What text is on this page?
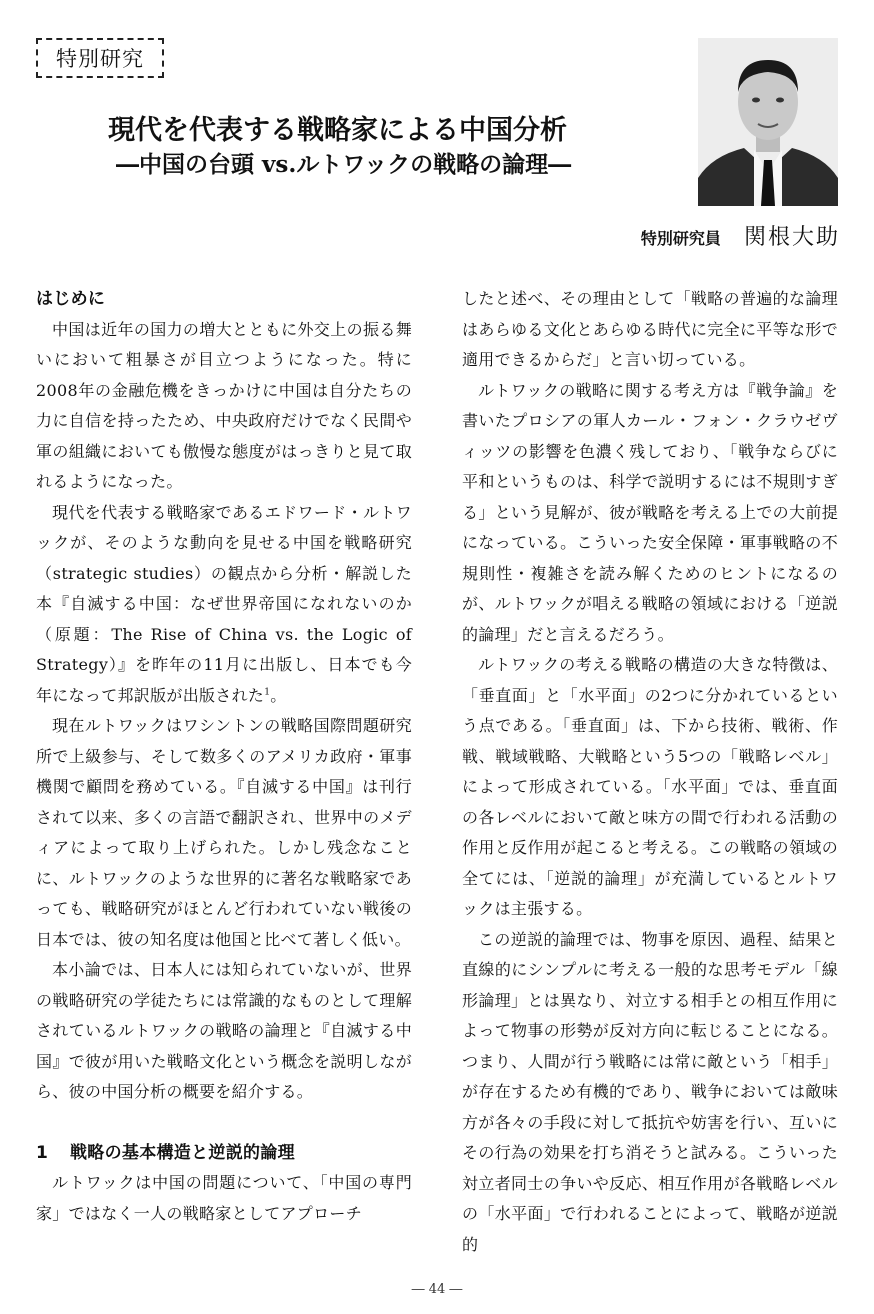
特別研究
現代を代表する戦略家による中国分析
―中国の台頭 vs.ルトワックの戦略の論理―
特別研究員 関根大助
はじめに

中国は近年の国力の増大とともに外交上の振る舞いにおいて粗暴さが目立つようになった。特に2008年の金融危機をきっかけに中国は自分たちの力に自信を持ったため、中央政府だけでなく民間や軍の組織においても傲慢な態度がはっきりと見て取れるようになった。

現代を代表する戦略家であるエドワード・ルトワックが、そのような動向を見せる中国を戦略研究（strategic studies）の観点から分析・解説した本『自滅する中国：なぜ世界帝国になれないのか（原題：The Rise of China vs. the Logic of Strategy）』を昨年の11月に出版し、日本でも今年になって邦訳版が出版された$^1$。

現在ルトワックはワシントンの戦略国際問題研究所で上級参与、そして数多くのアメリカ政府・軍事機関で顧問を務めている。『自滅する中国』は刊行されて以来、多くの言語で翻訳され、世界中のメディアによって取り上げられた。しかし残念なことに、ルトワックのような世界的に著名な戦略家であっても、戦略研究がほとんど行われていない戦後の日本では、彼の知名度は他国と比べて著しく低い。

本小論では、日本人には知られていないが、世界の戦略研究の学徒たちには常識的なものとして理解されているルトワックの戦略の論理と『自滅する中国』で彼が用いた戦略文化という概念を説明しながら、彼の中国分析の概要を紹介する。

1 戦略の基本構造と逆説的論理

ルトワックは中国の問題について、「中国の専門家」ではなく一人の戦略家としてアプローチ

したと述べ、その理由として「戦略の普遍的な論理はあらゆる文化とあらゆる時代に完全に平等な形で適用できるからだ」と言い切っている。

ルトワックの戦略に関する考え方は『戦争論』を書いたプロシアの軍人カール・フォン・クラウゼヴィッツの影響を色濃く残しており、「戦争ならびに平和というものは、科学で説明するには不規則すぎる」という見解が、彼が戦略を考える上での大前提になっている。こういった安全保障・軍事戦略の不規則性・複雑さを読み解くためのヒントになるのが、ルトワックが唱える戦略の領域における「逆説的論理」だと言えるだろう。

ルトワックの考える戦略の構造の大きな特徴は、「垂直面」と「水平面」の2つに分かれているという点である。「垂直面」は、下から技術、戦術、作戦、戦域戦略、大戦略という5つの「戦略レベル」によって形成されている。「水平面」では、垂直面の各レベルにおいて敵と味方の間で行われる活動の作用と反作用が起こると考える。この戦略の領域の全てには、「逆説的論理」が充満しているとルトワックは主張する。

この逆説的論理では、物事を原因、過程、結果と直線的にシンプルに考える一般的な思考モデル「線形論理」とは異なり、対立する相手との相互作用によって物事の形勢が反対方向に転じることになる。つまり、人間が行う戦略には常に敵という「相手」が存在するため有機的であり、戦争においては敵味方が各々の手段に対して抵抗や妨害を行い、互いにその行為の効果を打ち消そうと試みる。こういった対立者同士の争いや反応、相互作用が各戦略レベルの「水平面」で行われることによって、戦略が逆説的

― 44 ―
